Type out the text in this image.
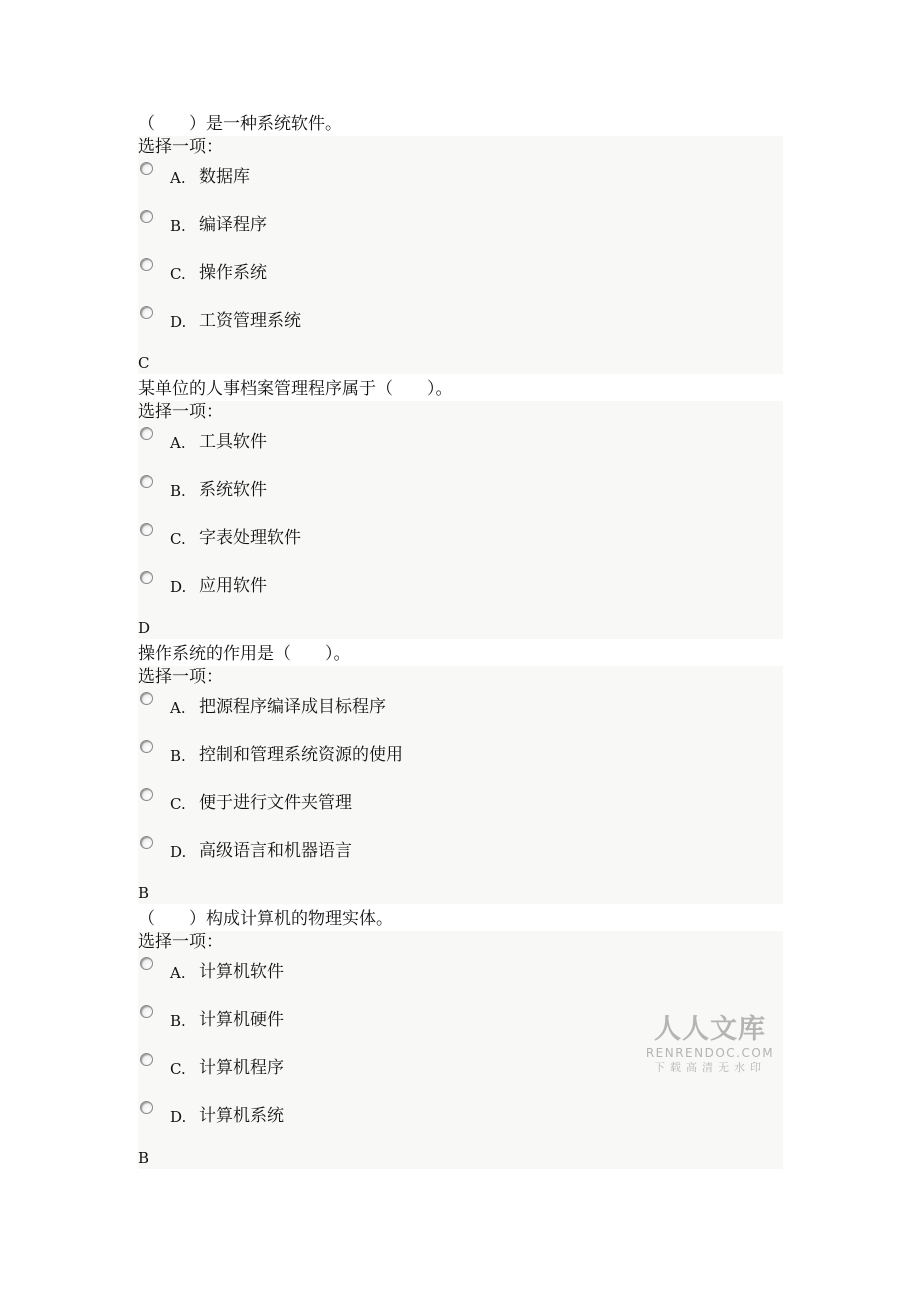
（　　）是一种系统软件。
选择一项：
A. 数据库
B. 编译程序
C. 操作系统
D. 工资管理系统
C
某单位的人事档案管理程序属于（　　）。
选择一项：
A. 工具软件
B. 系统软件
C. 字表处理软件
D. 应用软件
D
操作系统的作用是（　　）。
选择一项：
A. 把源程序编译成目标程序
B. 控制和管理系统资源的使用
C. 便于进行文件夹管理
D. 高级语言和机器语言
B
（　　）构成计算机的物理实体。
选择一项：
A. 计算机软件
B. 计算机硬件
C. 计算机程序
D. 计算机系统
B
人人文库
RENRENDOC.COM
下载高清无水印
